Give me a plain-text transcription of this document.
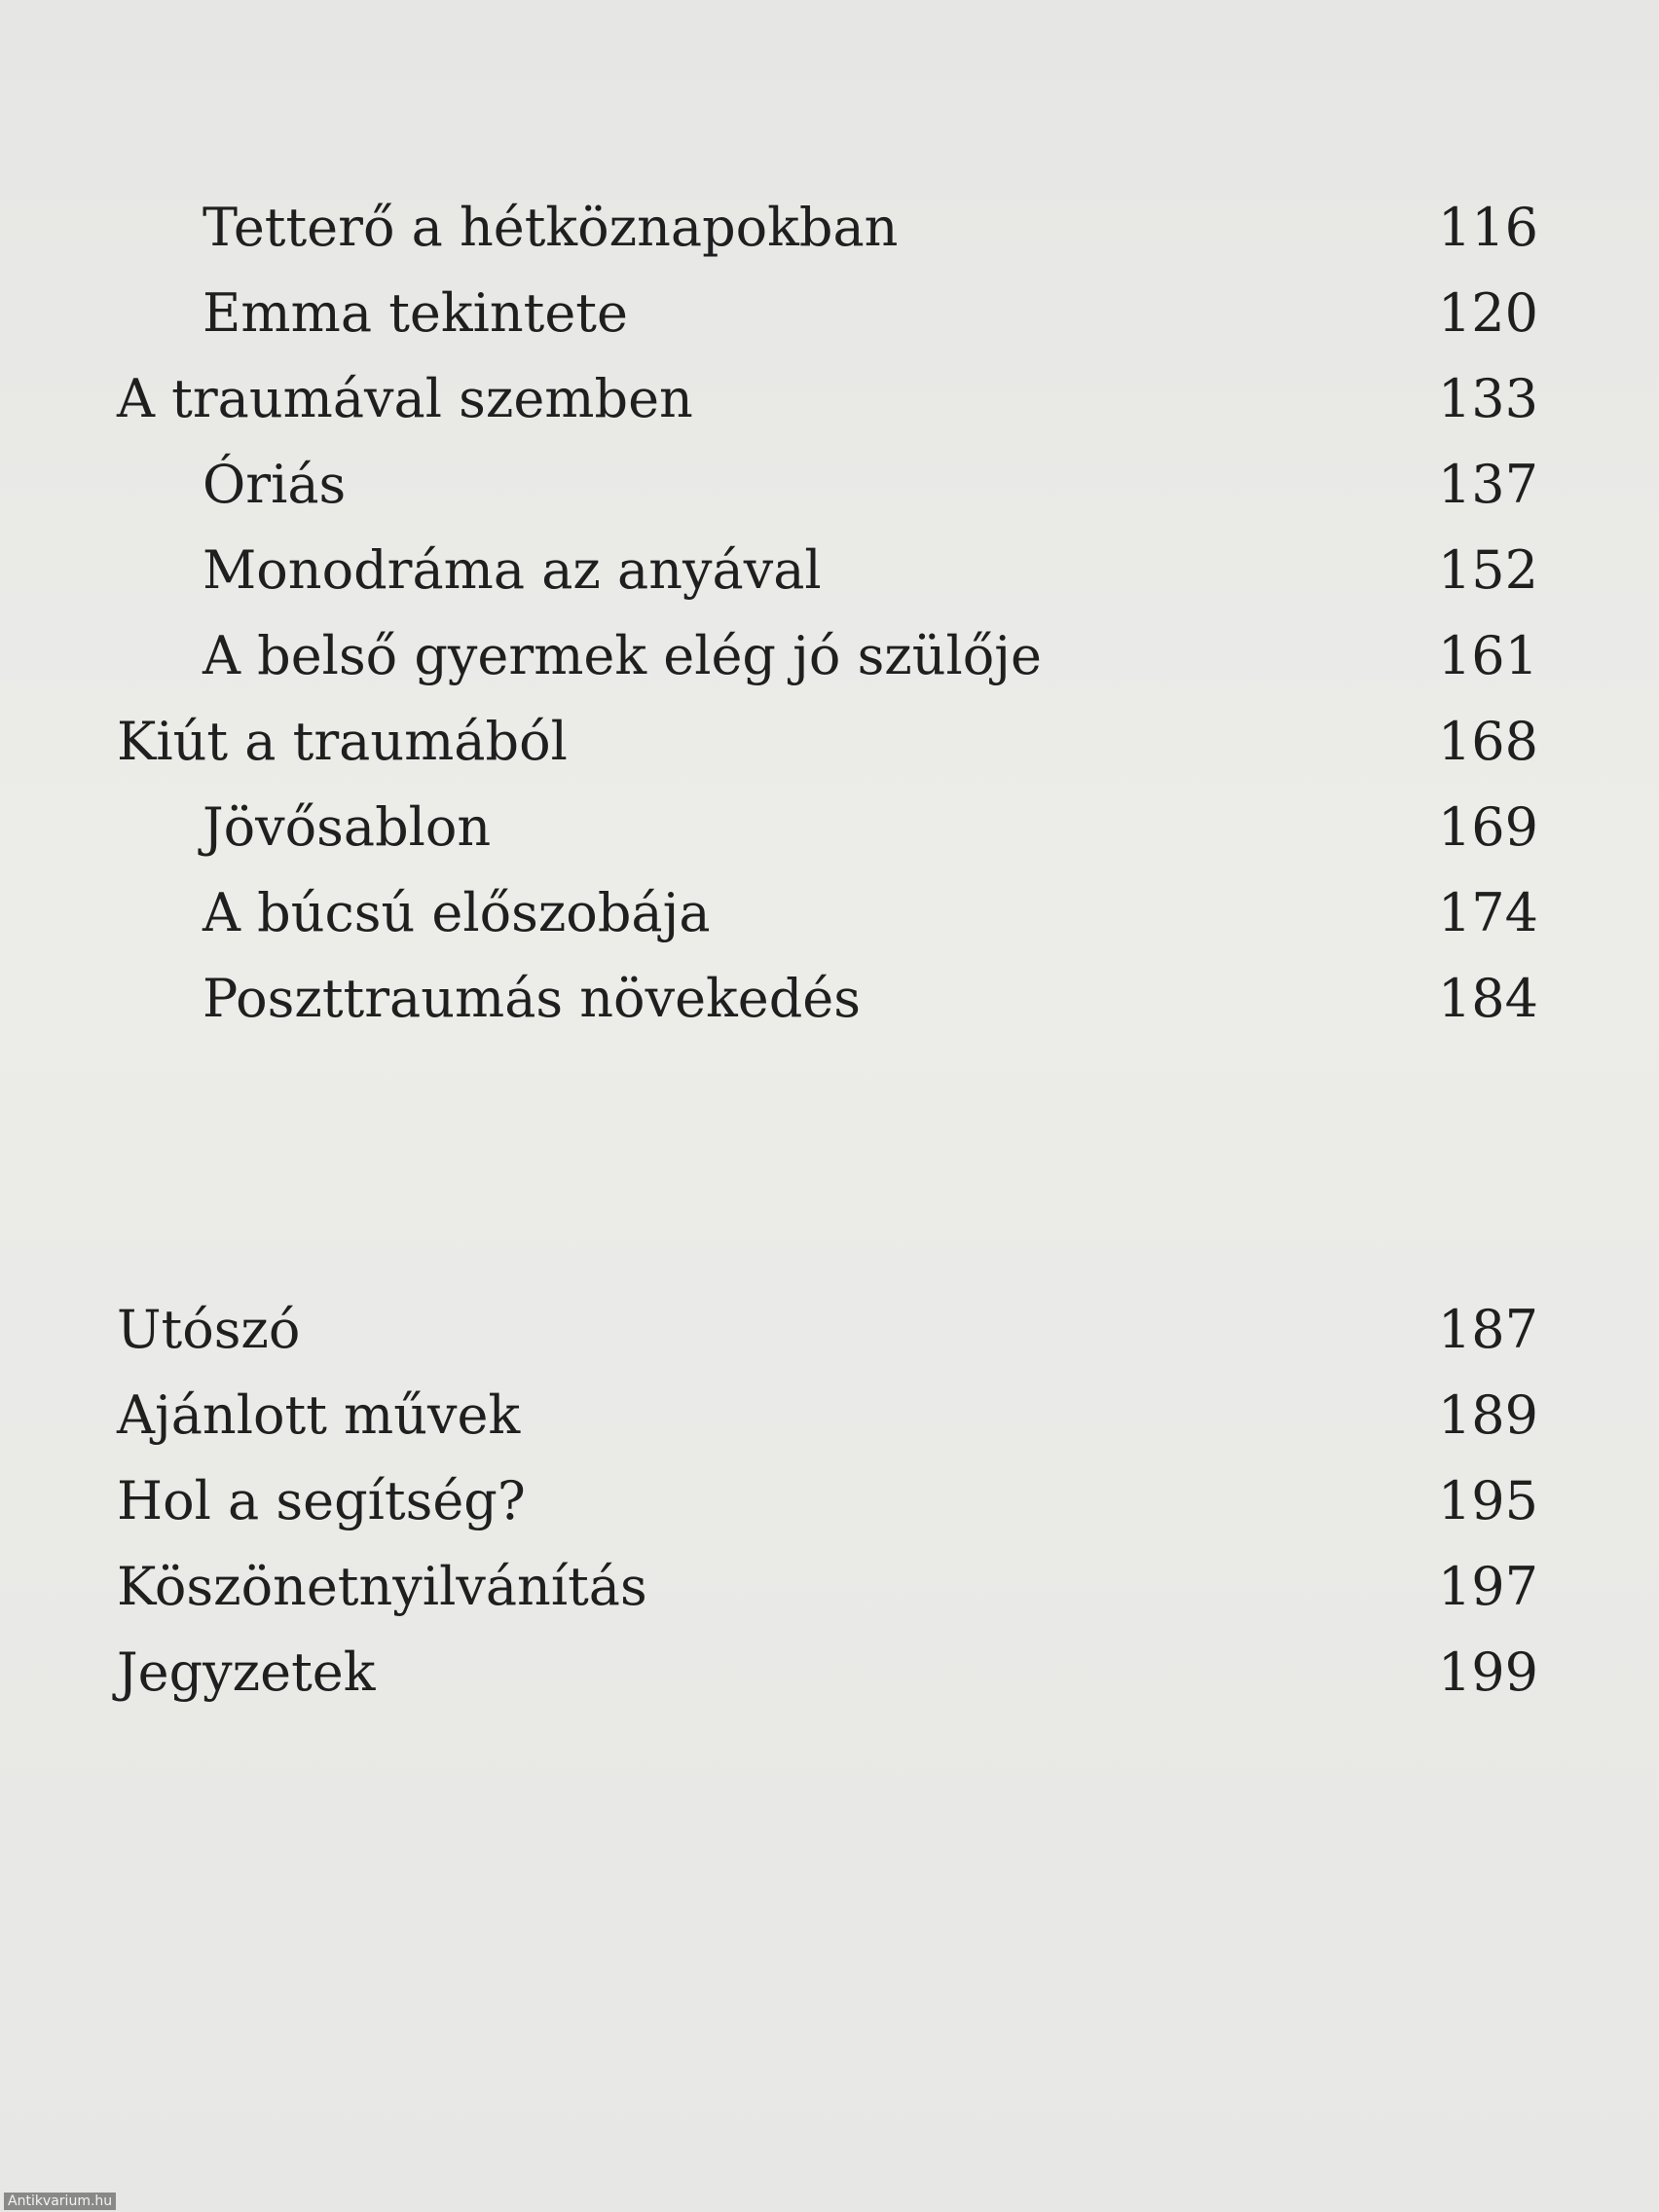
Tetterő a hétköznapokban	116
Emma tekintete	120
A traumával szemben	133
Óriás	137
Monodráma az anyával	152
A belső gyermek elég jó szülője	161
Kiút a traumából	168
Jövősablon	169
A búcsú előszobája	174
Poszttraumás növekedés	184
Utószó	187
Ajánlott művek	189
Hol a segítség?	195
Köszönetnyilvánítás	197
Jegyzetek	199
Antikvarium.hu
